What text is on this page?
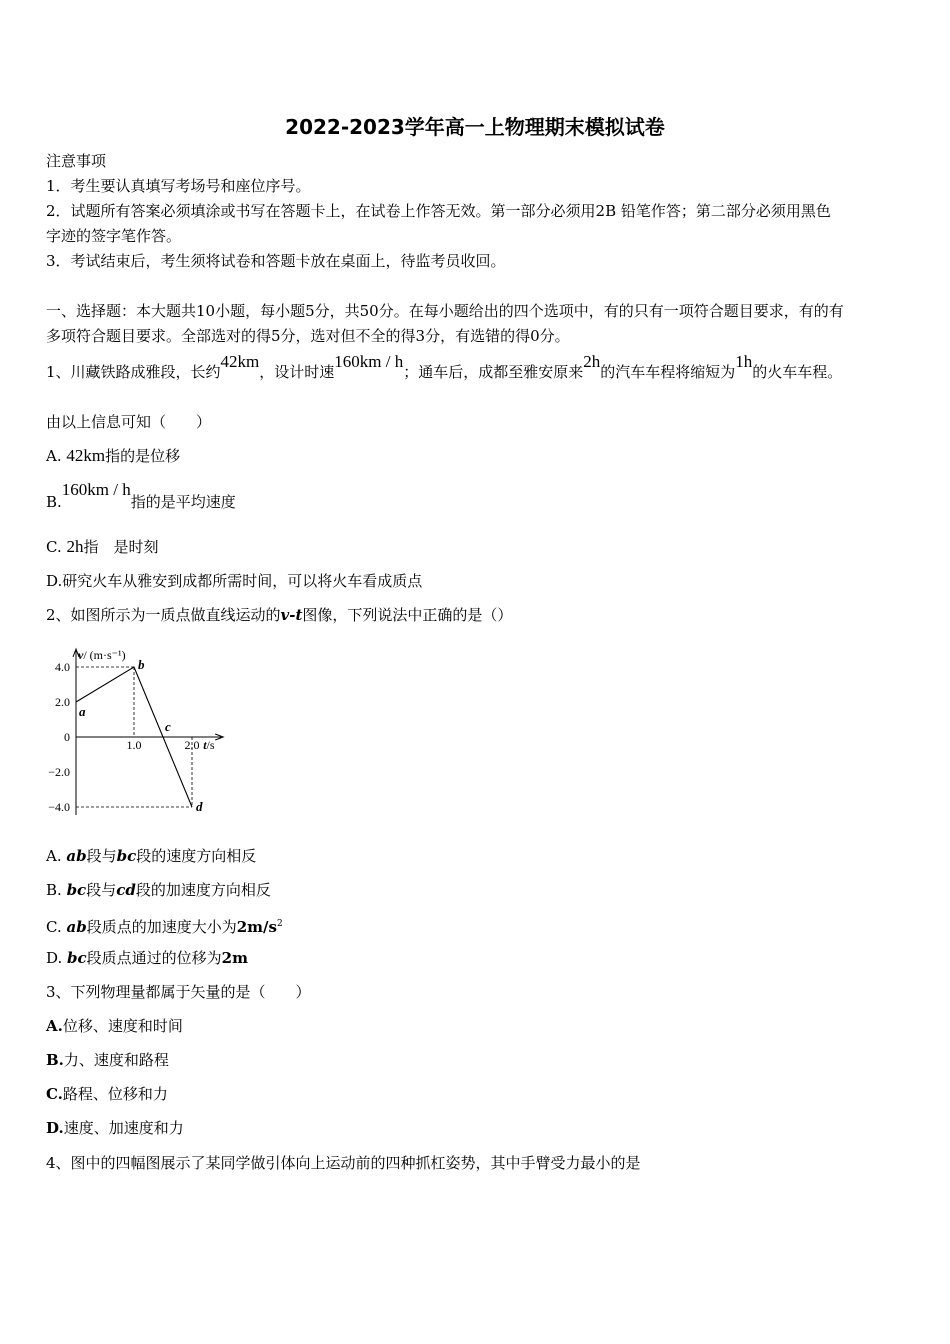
2022-2023学年高一上物理期末模拟试卷
注意事项
1．考生要认真填写考场号和座位序号。
2．试题所有答案必须填涂或书写在答题卡上，在试卷上作答无效。第一部分必须用2B 铅笔作答；第二部分必须用黑色
字迹的签字笔作答。
3．考试结束后，考生须将试卷和答题卡放在桌面上，待监考员收回。
一、选择题：本大题共10小题，每小题5分，共50分。在每小题给出的四个选项中，有的只有一项符合题目要求，有的有
多项符合题目要求。全部选对的得5分，选对但不全的得3分，有选错的得0分。
1、川藏铁路成雅段，长约42km，设计时速160km / h；通车后，成都至雅安原来2h的汽车车程将缩短为1h的火车车程。
由以上信息可知（　　）
A. 42km指的是位移
B.160km / h指的是平均速度
C. 2h指　是时刻
D.研究火车从雅安到成都所需时间，可以将火车看成质点
2、如图所示为一质点做直线运动的v-t图像，下列说法中正确的是（）
v/ (m·s⁻¹)
t/s
4.0
2.0
0
−2.0
−4.0
1.0	2.0
a
b
c
d
A. ab段与bc段的速度方向相反
B. bc段与cd段的加速度方向相反
C. ab段质点的加速度大小为$2m/s^2$
D. bc段质点通过的位移为2m
3、下列物理量都属于矢量的是（　　）
A.位移、速度和时间
B.力、速度和路程
C.路程、位移和力
D.速度、加速度和力
4、图中的四幅图展示了某同学做引体向上运动前的四种抓杠姿势，其中手臂受力最小的是
